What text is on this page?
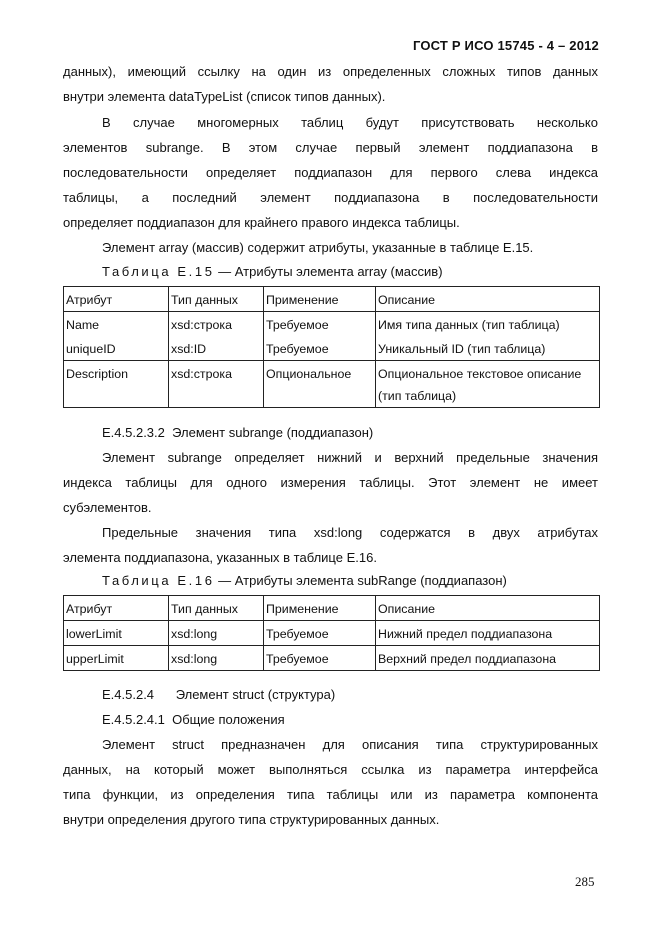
ГОСТ Р ИСО 15745 - 4 – 2012
данных), имеющий ссылку на один из определенных сложных типов данных
внутри элемента dataTypeList (список типов данных).
В случае многомерных таблиц будут присутствовать несколько
элементов subrange. В этом случае первый элемент поддиапазона в
последовательности определяет поддиапазон для первого слева индекса
таблицы, а последний элемент поддиапазона в последовательности
определяет поддиапазон для крайнего правого индекса таблицы.
Элемент array (массив) содержит атрибуты, указанные в таблице Е.15.
Таблица Е.15 — Атрибуты элемента array (массив)
Атрибут	Тип данных	Применение	Описание
Name	xsd:строка	Требуемое	Имя типа данных (тип таблица)
uniqueID	xsd:ID	Требуемое	Уникальный ID (тип таблица)
Description	xsd:строка	Опциональное	Опциональное текстовое описание
(тип таблица)
Е.4.5.2.3.2  Элемент subrange (поддиапазон)
Элемент subrange определяет нижний и верхний предельные значения
индекса таблицы для одного измерения таблицы. Этот элемент не имеет
субэлементов.
Предельные значения типа xsd:long содержатся в двух атрибутах
элемента поддиапазона, указанных в таблице Е.16.
Таблица Е.16 — Атрибуты элемента subRange (поддиапазон)
Атрибут	Тип данных	Применение	Описание
lowerLimit	xsd:long	Требуемое	Нижний предел поддиапазона
upperLimit	xsd:long	Требуемое	Верхний предел поддиапазона
Е.4.5.2.4      Элемент struct (структура)
Е.4.5.2.4.1  Общие положения
Элемент struct предназначен для описания типа структурированных
данных, на который может выполняться ссылка из параметра интерфейса
типа функции, из определения типа таблицы или из параметра компонента
внутри определения другого типа структурированных данных.
285
